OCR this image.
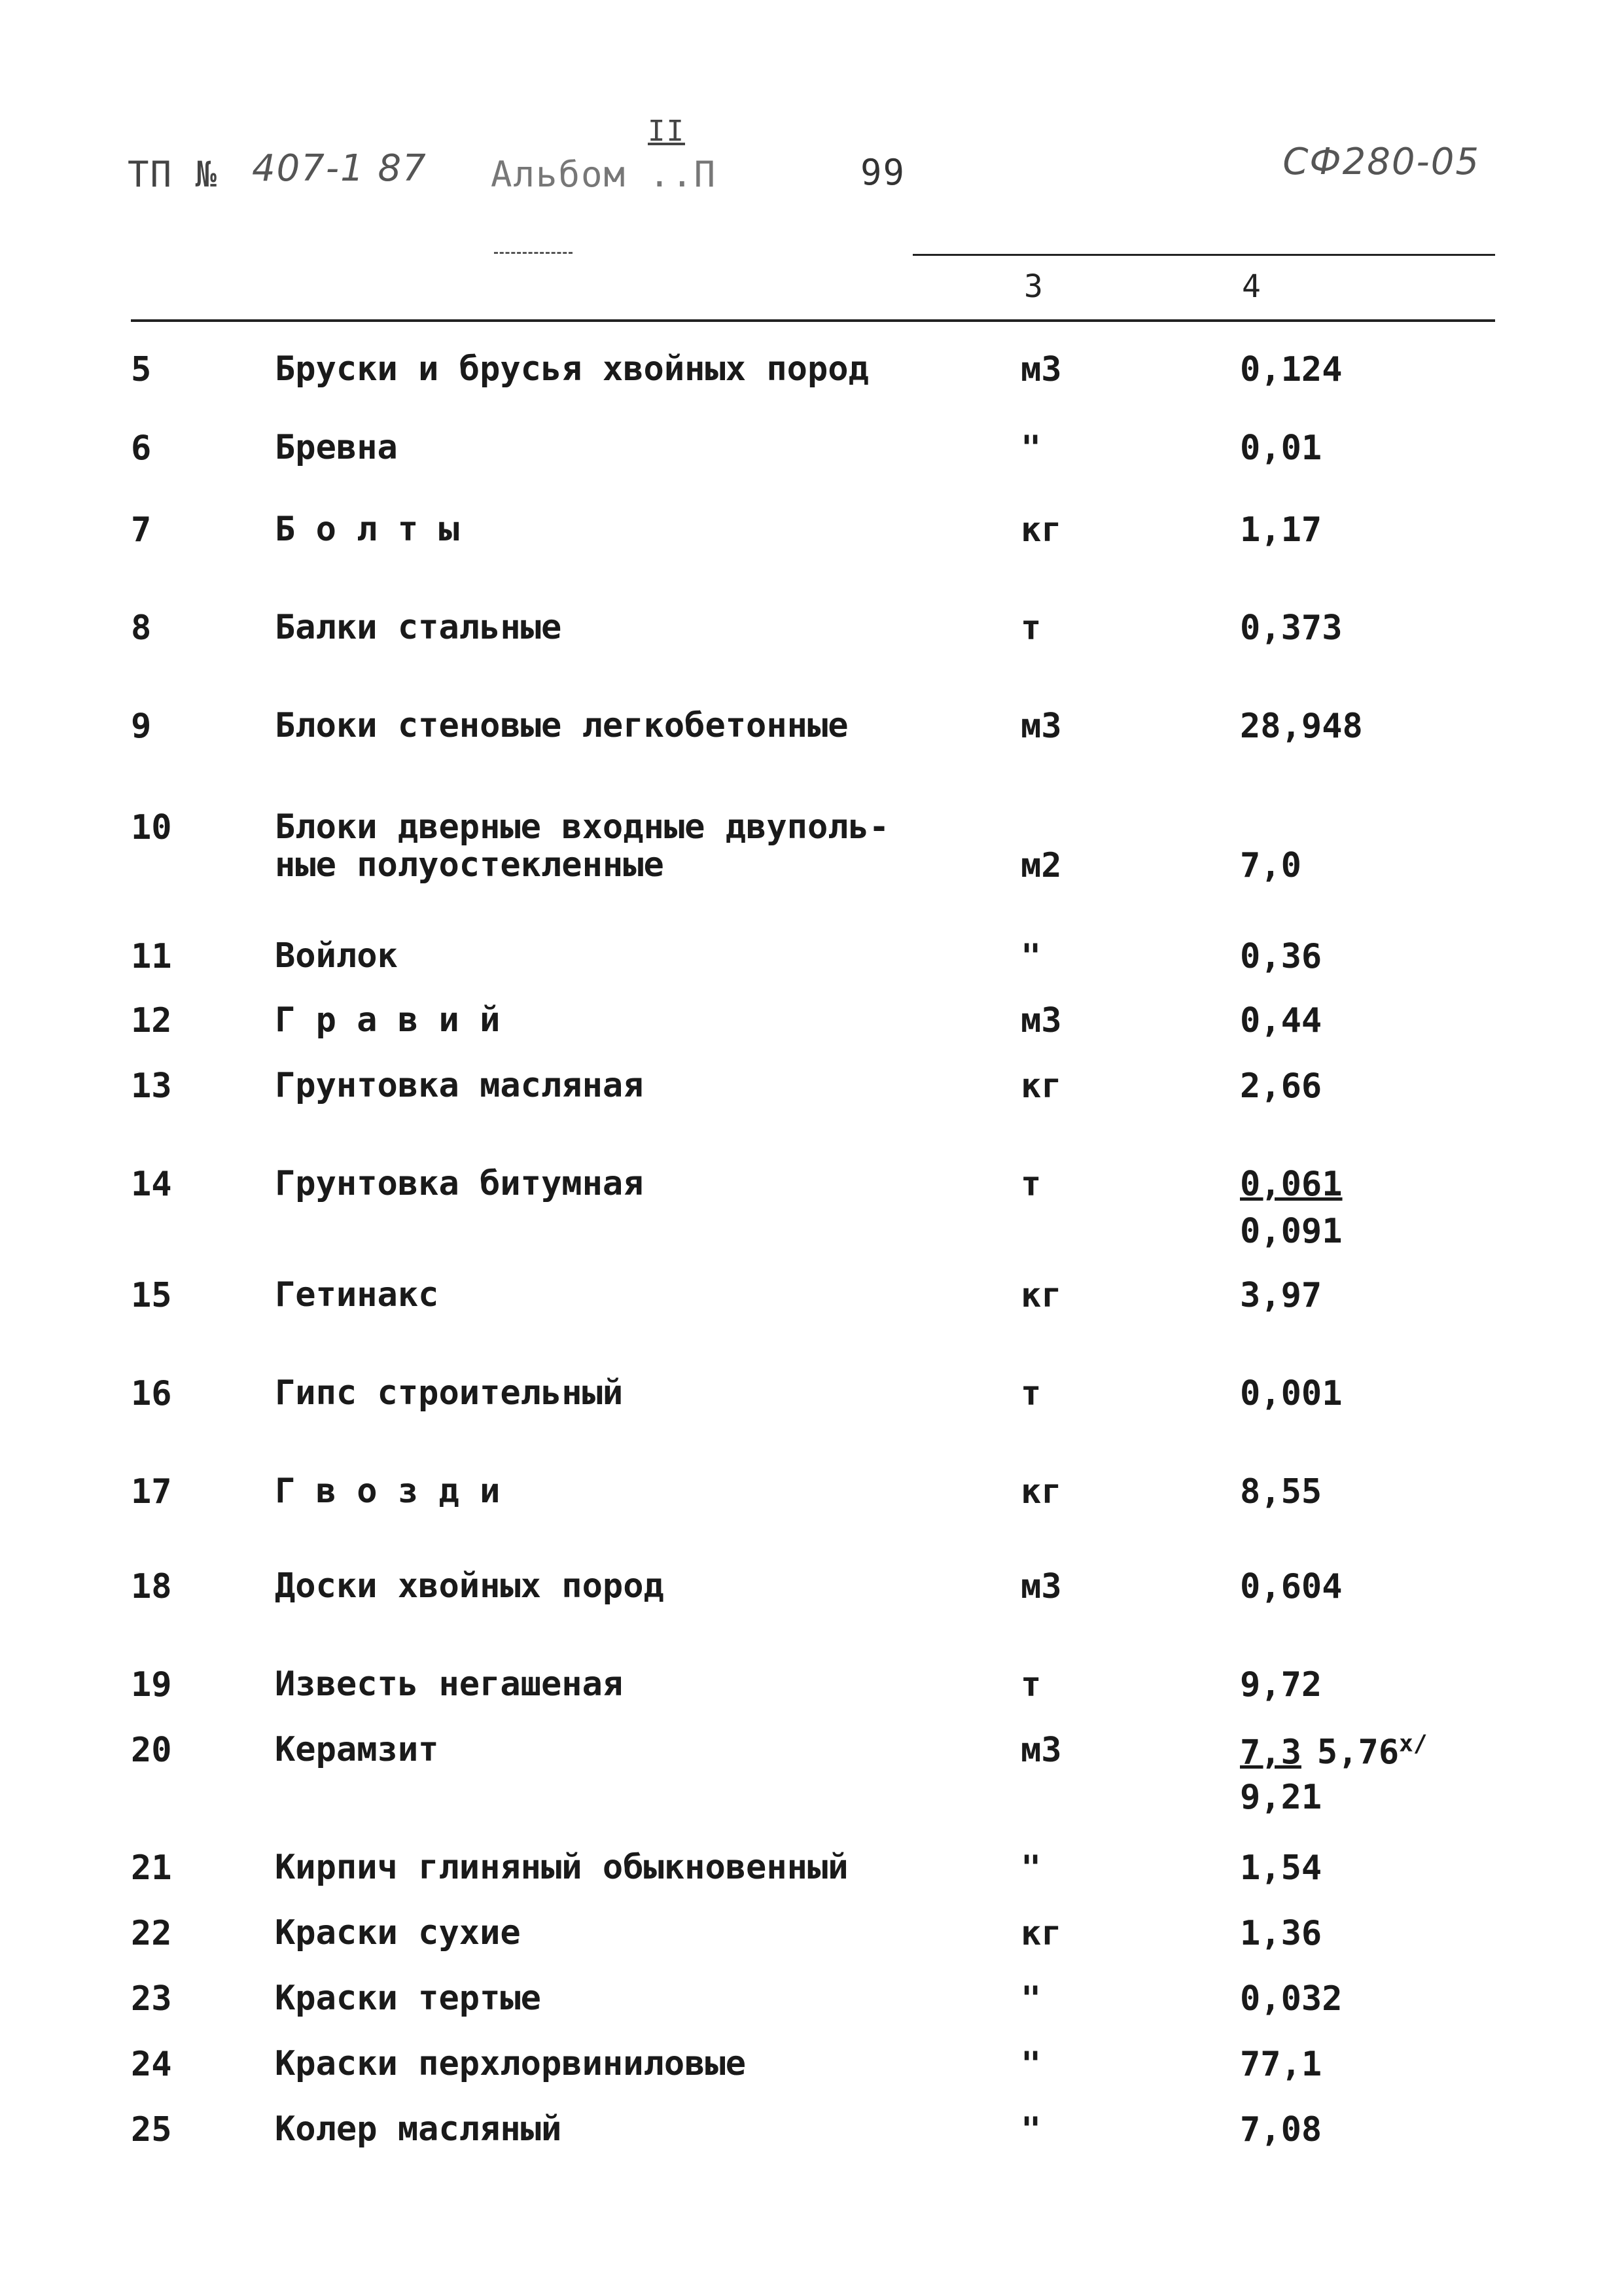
ТП № 407-1 87 Альбом ..П
II
99	СФ280-05
3	4
5	Бруски и брусья хвойных пород	м3	0,124
6	Бревна	"	0,01
7	Б о л т ы	кг	1,17
8	Балки стальные	т	0,373
9	Блоки стеновые легкобетонные	м3	28,948
10	Блоки дверные входные двуполь-
ные полуостекленные	м2	7,0
11	Войлок	"	0,36
12	Г р а в и й	м3	0,44
13	Грунтовка масляная	кг	2,66
14	Грунтовка битумная	т	0,061
0,091
15	Гетинакс	кг	3,97
16	Гипс строительный	т	0,001
17	Г в о з д и	кг	8,55
18	Доски хвойных пород	м3	0,604
19	Известь негашеная	т	9,72
20	Керамзит	м3	7,3 $5,76^{x/}$
9,21
21	Кирпич глиняный обыкновенный	"	1,54
22	Краски сухие	кг	1,36
23	Краски тертые	"	0,032
24	Краски перхлорвиниловые	"	77,1
25	Колер масляный	"	7,08
